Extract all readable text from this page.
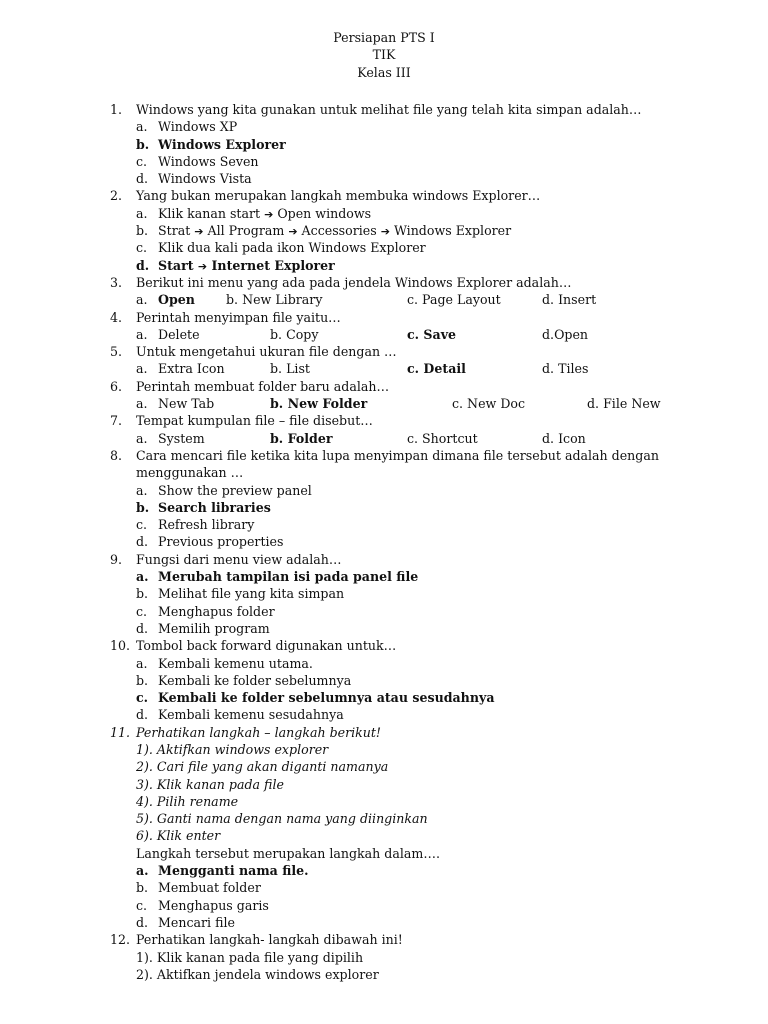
Persiapan PTS I
TIK
Kelas III
1. Windows yang kita gunakan untuk melihat file yang telah kita simpan adalah…
a. Windows XP
b. Windows Explorer
c. Windows Seven
d. Windows Vista
2. Yang bukan merupakan langkah membuka windows Explorer…
a. Klik kanan start ➔ Open windows
b. Strat ➔ All Program ➔ Accessories ➔ Windows Explorer
c. Klik dua kali pada ikon Windows Explorer
d. Start ➔ Internet Explorer
3. Berikut ini menu yang ada pada jendela Windows Explorer adalah…
a. Open b. New Library	c. Page Layout	d. Insert
4. Perintah menyimpan file yaitu…
a. Delete	b. Copy	c. Save	d.Open
5. Untuk mengetahui ukuran file dengan …
a. Extra Icon	b. List	c. Detail	d. Tiles
6. Perintah membuat folder baru adalah…
a. New Tab	b. New Folder	c. New Doc	d. File New
7. Tempat kumpulan file – file disebut…
a. System	b. Folder	c. Shortcut	d. Icon
8. Cara mencari file ketika kita lupa menyimpan dimana file tersebut adalah dengan
menggunakan …
a. Show the preview panel
b. Search libraries
c. Refresh library
d. Previous properties
9. Fungsi dari menu view adalah…
a. Merubah tampilan isi pada panel file
b. Melihat file yang kita simpan
c. Menghapus folder
d. Memilih program
10. Tombol back forward digunakan untuk…
a. Kembali kemenu utama.
b. Kembali ke folder sebelumnya
c. Kembali ke folder sebelumnya atau sesudahnya
d. Kembali kemenu sesudahnya
11. Perhatikan langkah – langkah berikut!
1). Aktifkan windows explorer
2). Cari file yang akan diganti namanya
3). Klik kanan pada file
4). Pilih rename
5). Ganti nama dengan nama yang diinginkan
6). Klik enter
Langkah tersebut merupakan langkah dalam….
a. Mengganti nama file.
b. Membuat folder
c. Menghapus garis
d. Mencari file
12. Perhatikan langkah- langkah dibawah ini!
1). Klik kanan pada file yang dipilih
2). Aktifkan jendela windows explorer
